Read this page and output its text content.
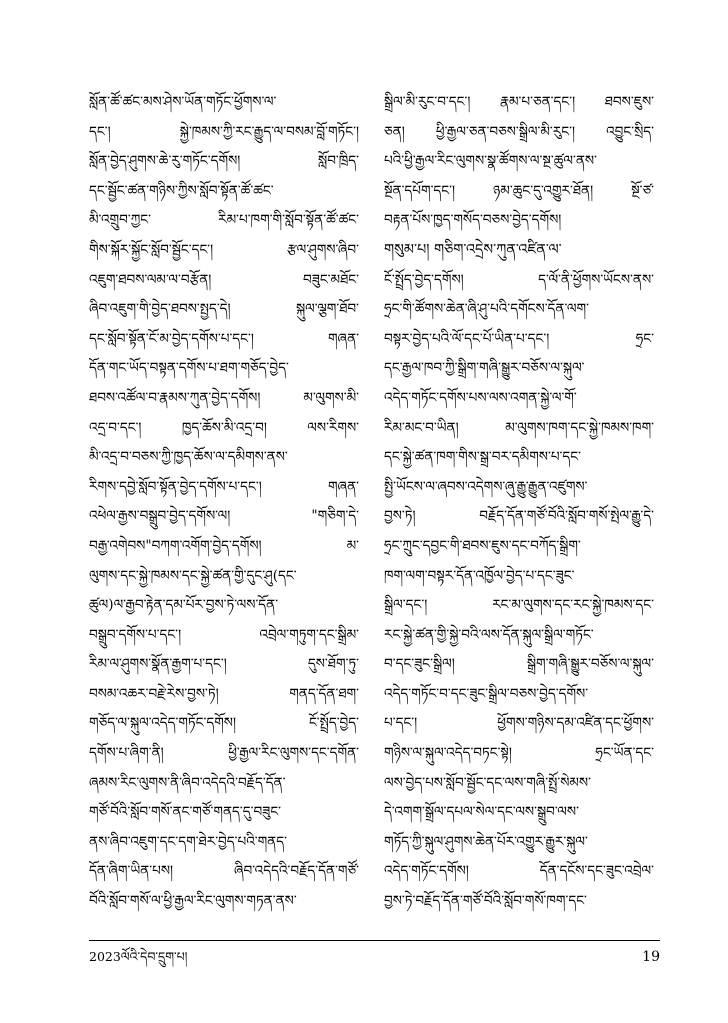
སློན་ཚོ་ཚང་མས་ཤེས་ཡོན་གཏོང་ཕྱོགས་ལ་
དང་། སྐྱེ་ཁམས་ཀྱི་རང་རྒྱུད་ལ་བསམ་བློ་གཏོང་།
སློན་བྱེད་ཤུགས་ཆེ་རུ་གཏོང་དགོས། སློབ་ཁྲིད་
དང་སྦྱོང་ཚན་གཉིས་ཀྱིས་སློབ་སྟོན་ཚོ་ཚང་
མི་འགྲུབ་ཀྱང་ རིམ་པ་ཁག་གི་སློབ་སྟོན་ཚོ་ཚང་
གིས་སྐོར་སྐྱོང་སློབ་སྦྱོང་དང་། རྩལ་ཤུགས་ཞིབ་
འཇུག་ཐབས་ལམ་ལ་བརྩོན། བཟུང་མཐོང་
ཞིབ་འཇུག་གི་བྱེད་ཐབས་སྤྱད་དེ། སྐུལ་ལྕག་ཐོབ་
དང་སློབ་སྟོན་ངོ་མ་བྱེད་དགོས་པ་དང་། གཞན་
དོན་གང་ཡོད་བསྟན་དགོས་པ་ཐག་གཅོད་བྱེད་
ཐབས་འཚོལ་བ་རྣམས་ཀུན་བྱེད་དགོས། མ་ལུགས་མི་
འདྲ་བ་དང་། ཁྱད་ཆོས་མི་འདྲ་བ། ལས་རིགས་
མི་འདྲ་བ་བཅས་ཀྱི་ཁྱད་ཆོས་ལ་དམིགས་ནས་
རིགས་དབྱེ་སློབ་སྟོན་བྱེད་དགོས་པ་དང་། གཞན་
འཕེལ་རྒྱས་བསྒྲུབ་བྱེད་དགོས་ལ། "གཅིག་དེ་
བརྒྱ་འགེབས"བཀག་འགོག་བྱེད་དགོས། མ་
ལུགས་དང་སྐྱེ་ཁམས་དང་སྐྱེ་ཚན་གྱི་དུང་ཤུ(དང་
ཚུལ)ལ་རྒྱབ་རྟེན་དམ་པོར་བྱས་ཏེ་ལས་དོན་
བསྒྲུབ་དགོས་པ་དང་། འབྲེལ་གཏུག་དང་སྒྲིམ་
རིམ་ལ་ཤུགས་སྣོན་རྒྱག་པ་དང་། དུས་ཐོག་ཏུ་
བསམ་འཆར་བརྗེ་རེས་བྱས་ཏེ། གནད་དོན་ཐག་
གཅོད་ལ་སྐུལ་འདེད་གཏོང་དགོས། ངོ་སྤྲོད་བྱེད་
དགོས་པ་ཞིག་ནི། ཕྱི་རྒྱལ་རིང་ལུགས་དང་དགོན་
ཞམས་རིང་ལུགས་ནི་ཞིབ་འདེདའི་བརྗོད་དོན་
གཙོ་བོའི་སློབ་གསོ་ནང་གཙོ་གནད་དུ་བཟུང་
ནས་ཞིབ་འཇུག་དང་དག་ཐེར་བྱེད་པའི་གནད་
དོན་ཞིག་ཡིན་པས། ཞིབ་འདེདའི་བརྗོད་དོན་གཙོ་
བོའི་སློབ་གསོ་ལ་ཕྱི་རྒྱལ་རིང་ལུགས་གཏན་ནས་
སྒྲིལ་མི་རུང་བ་དང་། རྣམ་པ་ཅན་དང་། ཐབས་ཇུས་
ཅན། ཕྱི་རྒྱལ་ཅན་བཅས་སྒྲིལ་མི་རུང་། འབྱུང་སྲིད་
པའི་ཕྱི་རྒྱལ་རིང་ལུགས་སྣ་ཚོགས་ལ་སྔ་ཚུལ་ནས་
སྔོན་དཔོག་དང་། ཉམ་ཆུང་དུ་འགྱུར་ཐོན། སྔོ་ཙ་
བརྟན་པོས་ཁྱད་གསོད་བཅས་བྱེད་དགོས།
གསུམ་པ། གཅིག་འདྲེས་ཀུན་འཛིན་ལ་
ངོ་སྤྲོད་བྱེད་དགོས། ད་ལོ་ནི་ཕྱོགས་ཡོངས་ནས་
ཧྲང་གི་ཚོགས་ཆེན་ཞི་ཤུ་པའི་དགོངས་དོན་ལག་
བསྟར་བྱེད་པའི་ལོ་དང་པོ་ཡིན་པ་དང་། ཧྲང་
དང་རྒྱལ་ཁབ་ཀྱི་སྒྲིག་གཞི་སྒྱུར་བཅོས་ལ་སྐུལ་
འདེད་གཏོང་དགོས་པས་ལས་འགན་སྐྱེ་ལ་གོ་
རིམ་མང་བ་ཡིན། མ་ལུགས་ཁག་དང་སྐྱེ་ཁམས་ཁག་
དང་སྐྱེ་ཚན་ཁག་གིས་སྒྲ་བར་དམིགས་པ་དང་
སྤྱི་ཡོངས་ལ་ཞབས་འདེགས་ཞུ་རྒྱུ་རྒྱུན་འཛུགས་
བྱས་ཏེ། བརྗོད་དོན་གཙོ་བོའི་སློབ་གསོ་སྤེལ་རྒྱུ་དེ་
ཧྲང་ཀྲུང་དབྱང་གི་ཐབས་ཇུས་དང་བཀོད་སྒྲིག་
ཁག་ལག་བསྟར་དོན་འཁྱོལ་བྱེད་པ་དང་ཟུང་
སྒྲིལ་དང་། རང་མ་ལུགས་དང་རང་སྐྱེ་ཁམས་དང་
རང་སྐྱེ་ཚན་གྱི་སྐྱེ་བའི་ལས་དོན་སྐུལ་སྒྲིལ་གཏོང་
བ་དང་ཟུང་སྒྲིལ། སྒྲིག་གཞི་སྒྱུར་བཅོས་ལ་སྐུལ་
འདེད་གཏོང་བ་དང་ཟུང་སྒྲིལ་བཅས་བྱེད་དགོས་
པ་དང་། ཕྱོགས་གཉིས་དམ་འཛིན་དང་ཕྱོགས་
གཉིས་ལ་སྐུལ་འདེད་བཏང་སྟེ། ཧྲང་ཡོན་དང་
ལས་བྱེད་པས་སློབ་སྦྱོང་དང་ལས་གཞི་སྤྲོ་སེམས་
དེ་འགག་སྒྲོལ་དཔལ་སེལ་དང་ལས་སྒྲུབ་ལས་
གཏོད་ཀྱི་སྐུལ་ཤུགས་ཆེན་པོར་འགྱུར་རྒྱུར་སྐུལ་
འདེད་གཏོང་དགོས། དོན་དངོས་དང་ཟུང་འབྲེལ་
བྱས་ཏེ་བརྗོད་དོན་གཙོ་བོའི་སློབ་གསོ་ཁག་དང་
2023ལོའི་དེབ་དྲུག་པ།	19
